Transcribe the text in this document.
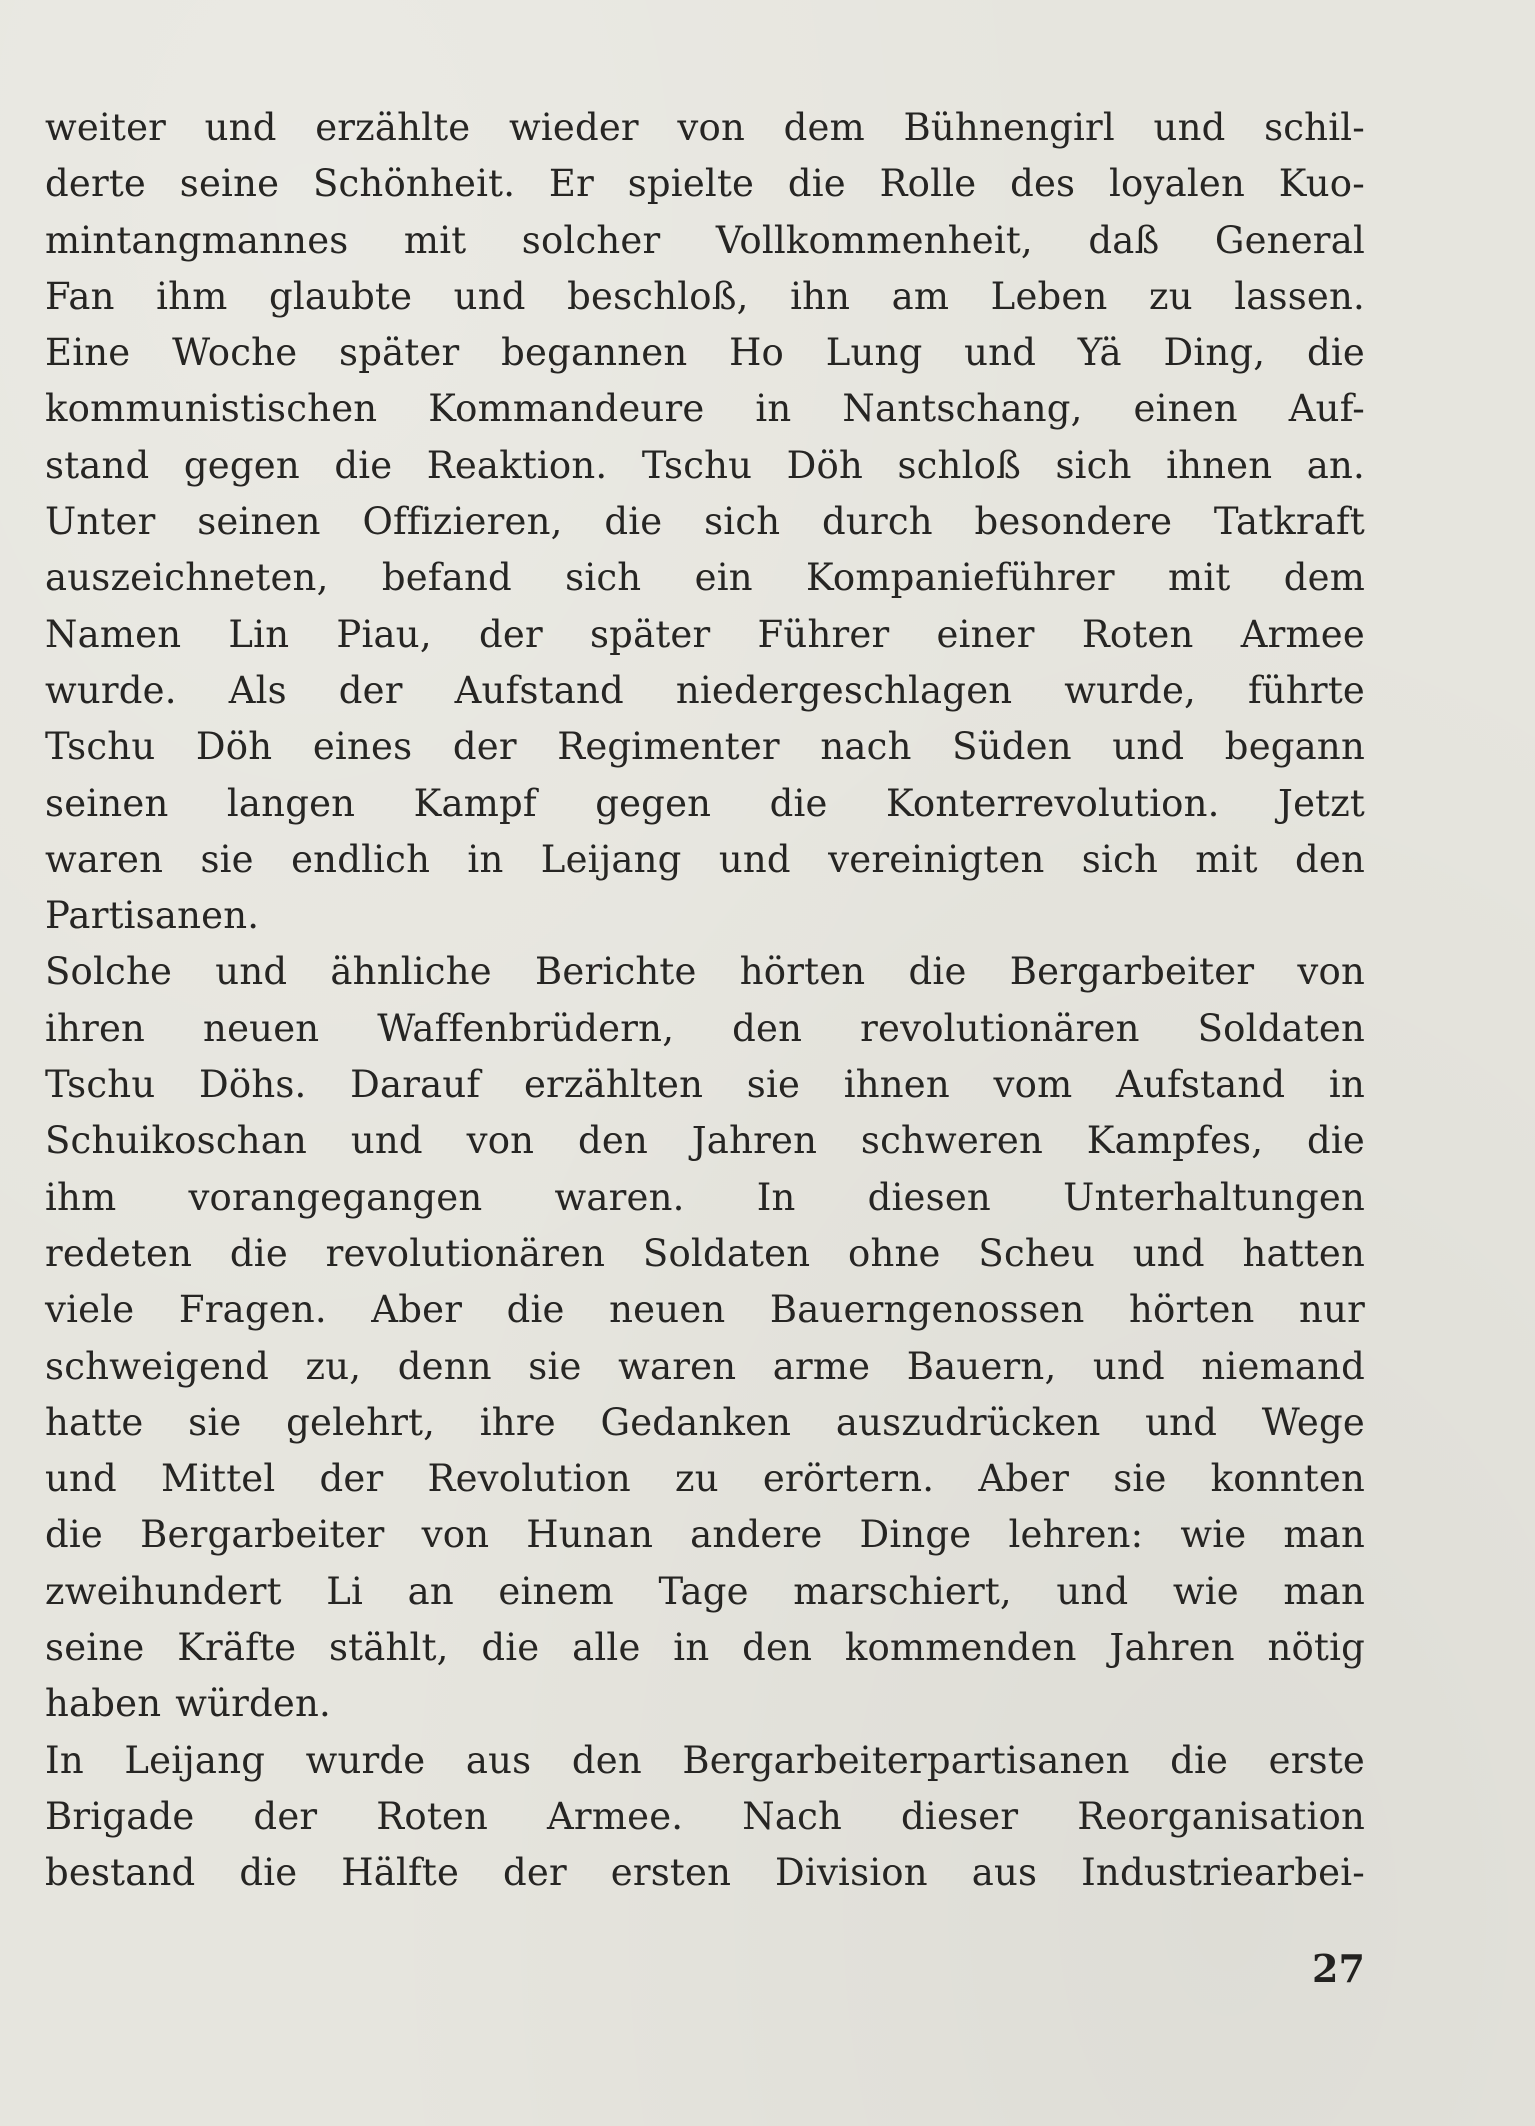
weiter und erzählte wieder von dem Bühnengirl und schil-
derte seine Schönheit. Er spielte die Rolle des loyalen Kuo-
mintangmannes mit solcher Vollkommenheit, daß General
Fan ihm glaubte und beschloß, ihn am Leben zu lassen.
Eine Woche später begannen Ho Lung und Yä Ding, die
kommunistischen Kommandeure in Nantschang, einen Auf-
stand gegen die Reaktion. Tschu Döh schloß sich ihnen an.
Unter seinen Offizieren, die sich durch besondere Tatkraft
auszeichneten, befand sich ein Kompanieführer mit dem
Namen Lin Piau, der später Führer einer Roten Armee
wurde. Als der Aufstand niedergeschlagen wurde, führte
Tschu Döh eines der Regimenter nach Süden und begann
seinen langen Kampf gegen die Konterrevolution. Jetzt
waren sie endlich in Leijang und vereinigten sich mit den
Partisanen.
Solche und ähnliche Berichte hörten die Bergarbeiter von
ihren neuen Waffenbrüdern, den revolutionären Soldaten
Tschu Döhs. Darauf erzählten sie ihnen vom Aufstand in
Schuikoschan und von den Jahren schweren Kampfes, die
ihm vorangegangen waren. In diesen Unterhaltungen
redeten die revolutionären Soldaten ohne Scheu und hatten
viele Fragen. Aber die neuen Bauerngenossen hörten nur
schweigend zu, denn sie waren arme Bauern, und niemand
hatte sie gelehrt, ihre Gedanken auszudrücken und Wege
und Mittel der Revolution zu erörtern. Aber sie konnten
die Bergarbeiter von Hunan andere Dinge lehren: wie man
zweihundert Li an einem Tage marschiert, und wie man
seine Kräfte stählt, die alle in den kommenden Jahren nötig
haben würden.
In Leijang wurde aus den Bergarbeiterpartisanen die erste
Brigade der Roten Armee. Nach dieser Reorganisation
bestand die Hälfte der ersten Division aus Industriearbei-
27
